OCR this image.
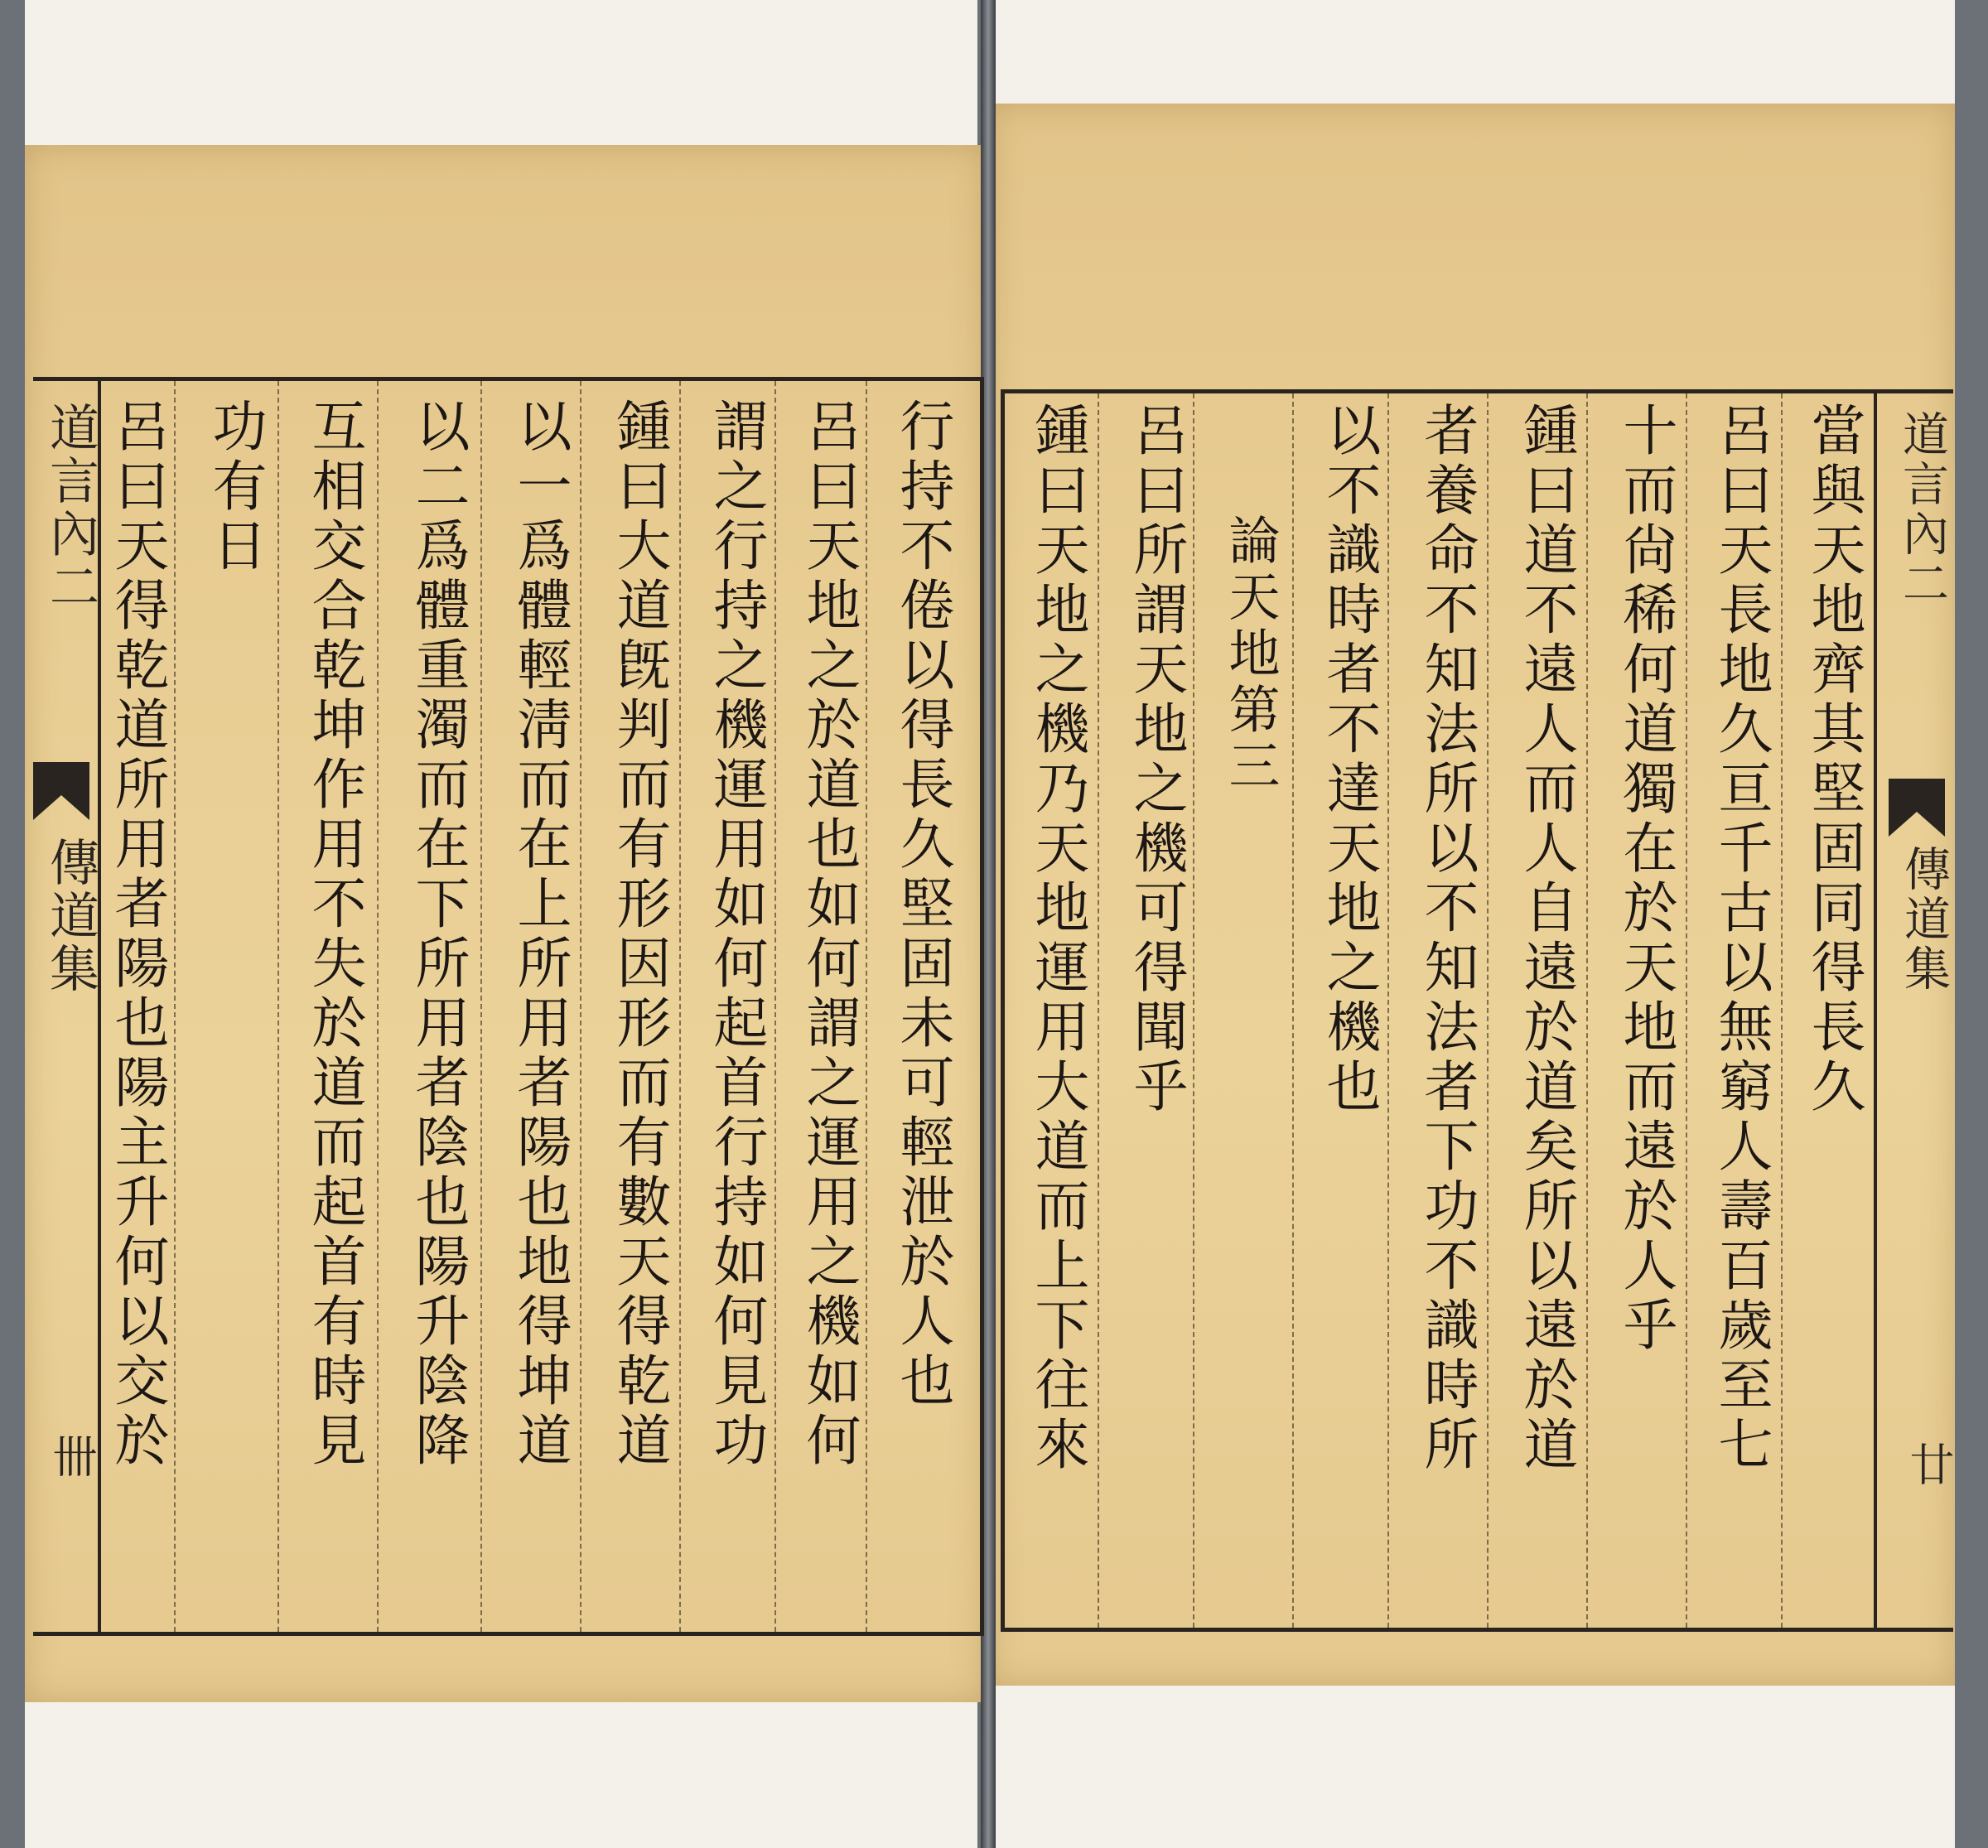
道言內二
傳道集
卌
行持不倦以得長久堅固未可輕泄於人也
呂曰天地之於道也如何謂之運用之機如何
謂之行持之機運用如何起首行持如何見功
鍾曰大道旣判而有形因形而有數天得乾道
以一爲體輕淸而在上所用者陽也地得坤道
以二爲體重濁而在下所用者陰也陽升陰降
互相交合乾坤作用不失於道而起首有時見
功有日
呂曰天得乾道所用者陽也陽主升何以交於	道言內二
傳道集
廿
當與天地齊其堅固同得長久
呂曰天長地久亘千古以無窮人壽百歲至七
十而尙稀何道獨在於天地而遠於人乎
鍾曰道不遠人而人自遠於道矣所以遠於道
者養命不知法所以不知法者下功不識時所
以不識時者不達天地之機也
論天地第三
呂曰所謂天地之機可得聞乎
鍾曰天地之機乃天地運用大道而上下往來
